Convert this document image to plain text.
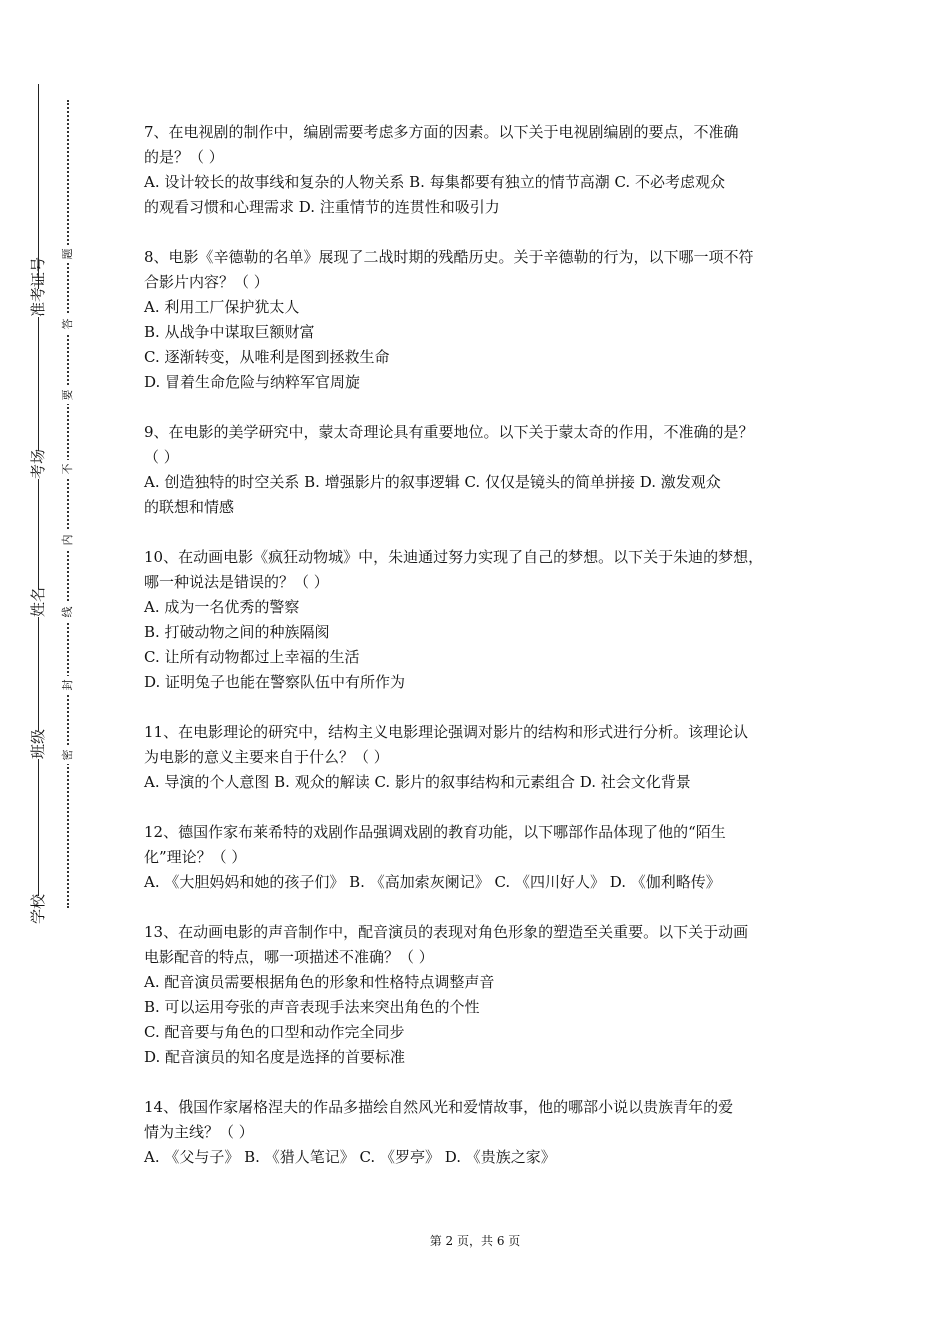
准考证号
考场
姓名
班级
学校
题
答
要
不
内
线
封
密

7、在电视剧的制作中，编剧需要考虑多方面的因素。以下关于电视剧编剧的要点，不准确

的是？（ ）

A. 设计较长的故事线和复杂的人物关系 B. 每集都要有独立的情节高潮 C. 不必考虑观众

的观看习惯和心理需求 D. 注重情节的连贯性和吸引力

8、电影《辛德勒的名单》展现了二战时期的残酷历史。关于辛德勒的行为，以下哪一项不符

合影片内容？（ ）

A. 利用工厂保护犹太人

B. 从战争中谋取巨额财富

C. 逐渐转变，从唯利是图到拯救生命

D. 冒着生命危险与纳粹军官周旋

9、在电影的美学研究中，蒙太奇理论具有重要地位。以下关于蒙太奇的作用，不准确的是？

（ ）

A. 创造独特的时空关系 B. 增强影片的叙事逻辑 C. 仅仅是镜头的简单拼接 D. 激发观众

的联想和情感

10、在动画电影《疯狂动物城》中，朱迪通过努力实现了自己的梦想。以下关于朱迪的梦想，

哪一种说法是错误的？（ ）

A. 成为一名优秀的警察

B. 打破动物之间的种族隔阂

C. 让所有动物都过上幸福的生活

D. 证明兔子也能在警察队伍中有所作为

11、在电影理论的研究中，结构主义电影理论强调对影片的结构和形式进行分析。该理论认

为电影的意义主要来自于什么？（ ）

A. 导演的个人意图 B. 观众的解读 C. 影片的叙事结构和元素组合 D. 社会文化背景

12、德国作家布莱希特的戏剧作品强调戏剧的教育功能，以下哪部作品体现了他的“陌生

化”理论？（ ）

A. 《大胆妈妈和她的孩子们》 B. 《高加索灰阑记》 C. 《四川好人》 D. 《伽利略传》

13、在动画电影的声音制作中，配音演员的表现对角色形象的塑造至关重要。以下关于动画

电影配音的特点，哪一项描述不准确？（ ）

A. 配音演员需要根据角色的形象和性格特点调整声音

B. 可以运用夸张的声音表现手法来突出角色的个性

C. 配音要与角色的口型和动作完全同步

D. 配音演员的知名度是选择的首要标准

14、俄国作家屠格涅夫的作品多描绘自然风光和爱情故事，他的哪部小说以贵族青年的爱

情为主线？（ ）

A. 《父与子》 B. 《猎人笔记》 C. 《罗亭》 D. 《贵族之家》

第 2 页，共 6 页
